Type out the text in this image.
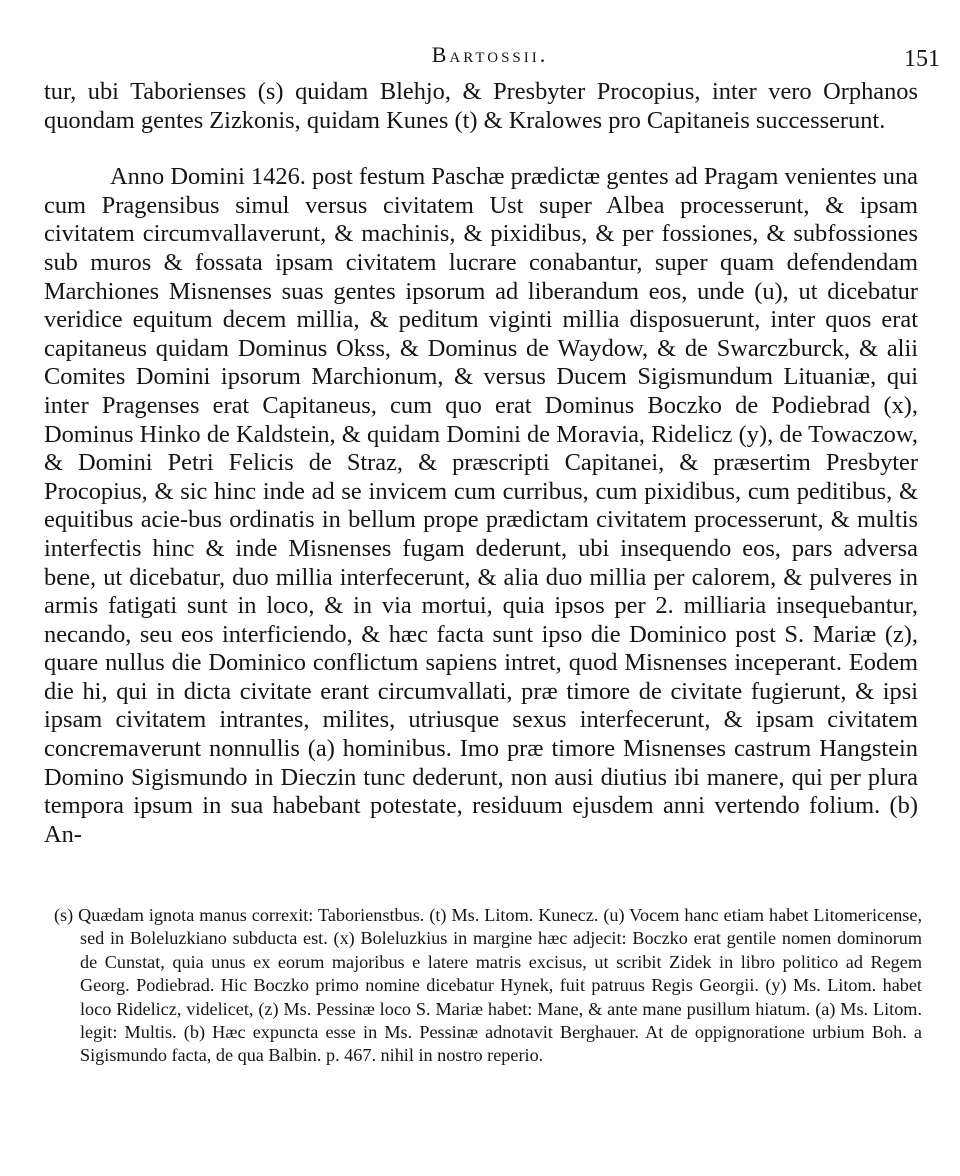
Bartossii.	151

tur, ubi Taborienses (s) quidam Blehjo, & Presbyter Procopius, inter vero Orphanos quondam gentes Zizkonis, quidam Kunes (t) & Kralowes pro Capitaneis successerunt.

Anno Domini 1426. post festum Paschæ prædictæ gentes ad Pragam venientes una cum Pragensibus simul versus civitatem Ust super Albea processerunt, & ipsam civitatem circumvallaverunt, & machinis, & pixidibus, & per fossiones, & subfossiones sub muros & fossata ipsam civitatem lucrare conabantur, super quam defendendam Marchiones Misnenses suas gentes ipsorum ad liberandum eos, unde (u), ut dicebatur veridice equitum decem millia, & peditum viginti millia disposuerunt, inter quos erat capitaneus quidam Dominus Okss, & Dominus de Waydow, & de Swarczburck, & alii Comites Domini ipsorum Marchionum, & versus Ducem Sigismundum Lituaniæ, qui inter Pragenses erat Capitaneus, cum quo erat Dominus Boczko de Podiebrad (x), Dominus Hinko de Kaldstein, & quidam Domini de Moravia, Ridelicz (y), de Towaczow, & Domini Petri Felicis de Straz, & præscripti Capitanei, & præsertim Presbyter Procopius, & sic hinc inde ad se invicem cum curribus, cum pixidibus, cum peditibus, & equitibus acie-bus ordinatis in bellum prope prædictam civitatem processerunt, & multis interfectis hinc & inde Misnenses fugam dederunt, ubi insequendo eos, pars adversa bene, ut dicebatur, duo millia interfecerunt, & alia duo millia per calorem, & pulveres in armis fatigati sunt in loco, & in via mortui, quia ipsos per 2. milliaria insequebantur, necando, seu eos interficiendo, & hæc facta sunt ipso die Dominico post S. Mariæ (z), quare nullus die Dominico conflictum sapiens intret, quod Misnenses inceperant. Eodem die hi, qui in dicta civitate erant circumvallati, præ timore de civitate fugierunt, & ipsi ipsam civitatem intrantes, milites, utriusque sexus interfecerunt, & ipsam civitatem concremaverunt nonnullis (a) hominibus. Imo præ timore Misnenses castrum Hangstein Domino Sigismundo in Dieczin tunc dederunt, non ausi diutius ibi manere, qui per plura tempora ipsum in sua habebant potestate, residuum ejusdem anni vertendo folium. (b) An-

(s) Quædam ignota manus correxit: Taborienstbus. (t) Ms. Litom. Kunecz. (u) Vocem hanc etiam habet Litomericense, sed in Boleluzkiano subducta est. (x) Boleluzkius in margine hæc adjecit: Boczko erat gentile nomen dominorum de Cunstat, quia unus ex eorum majoribus e latere matris excisus, ut scribit Zidek in libro politico ad Regem Georg. Podiebrad. Hic Boczko primo nomine dicebatur Hynek, fuit patruus Regis Georgii. (y) Ms. Litom. habet loco Ridelicz, videlicet, (z) Ms. Pessinæ loco S. Mariæ habet: Mane, & ante mane pusillum hiatum. (a) Ms. Litom. legit: Multis. (b) Hæc expuncta esse in Ms. Pessinæ adnotavit Berghauer. At de oppignoratione urbium Boh. a Sigismundo facta, de qua Balbin. p. 467. nihil in nostro reperio.
